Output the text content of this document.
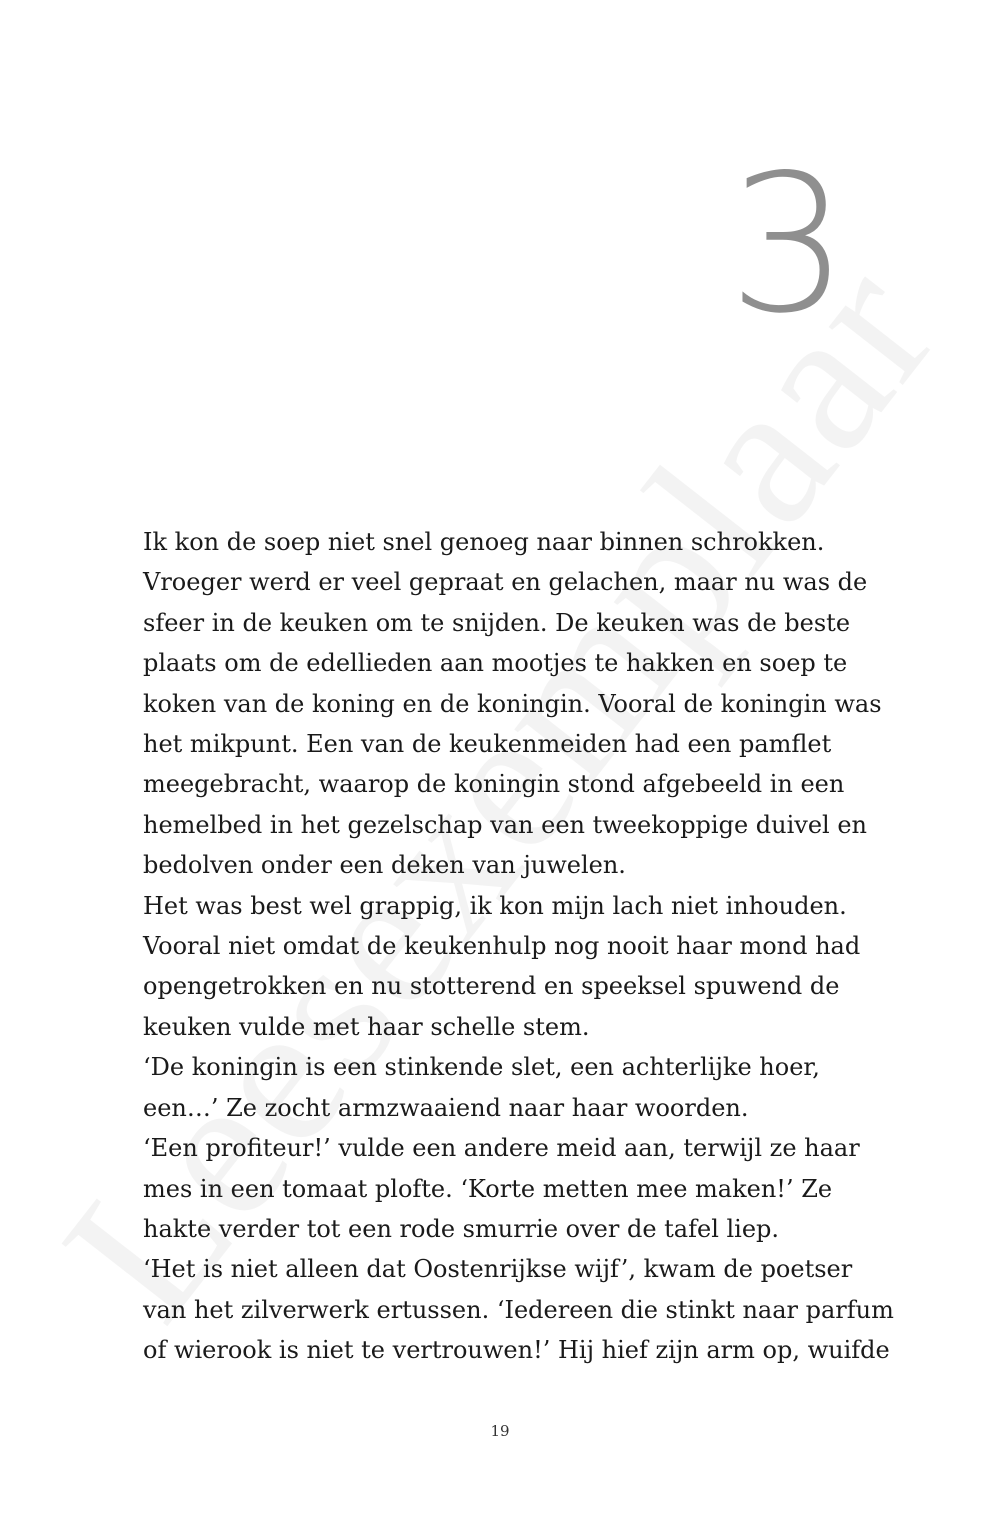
3
Ik kon de soep niet snel genoeg naar binnen schrokken.
Vroeger werd er veel gepraat en gelachen, maar nu was de
sfeer in de keuken om te snijden. De keuken was de beste
plaats om de edellieden aan mootjes te hakken en soep te
koken van de koning en de koningin. Vooral de koningin was
het mikpunt. Een van de keukenmeiden had een pamflet
meegebracht, waarop de koningin stond afgebeeld in een
hemelbed in het gezelschap van een tweekoppige duivel en
bedolven onder een deken van juwelen.
Het was best wel grappig, ik kon mijn lach niet inhouden.
Vooral niet omdat de keukenhulp nog nooit haar mond had
opengetrokken en nu stotterend en speeksel spuwend de
keuken vulde met haar schelle stem.
‘De koningin is een stinkende slet, een achterlijke hoer,
een…’ Ze zocht armzwaaiend naar haar woorden.
‘Een profiteur!’ vulde een andere meid aan, terwijl ze haar
mes in een tomaat plofte. ‘Korte metten mee maken!’ Ze
hakte verder tot een rode smurrie over de tafel liep.
‘Het is niet alleen dat Oostenrijkse wijf’, kwam de poetser
van het zilverwerk ertussen. ‘Iedereen die stinkt naar parfum
of wierook is niet te vertrouwen!’ Hij hief zijn arm op, wuifde
19
